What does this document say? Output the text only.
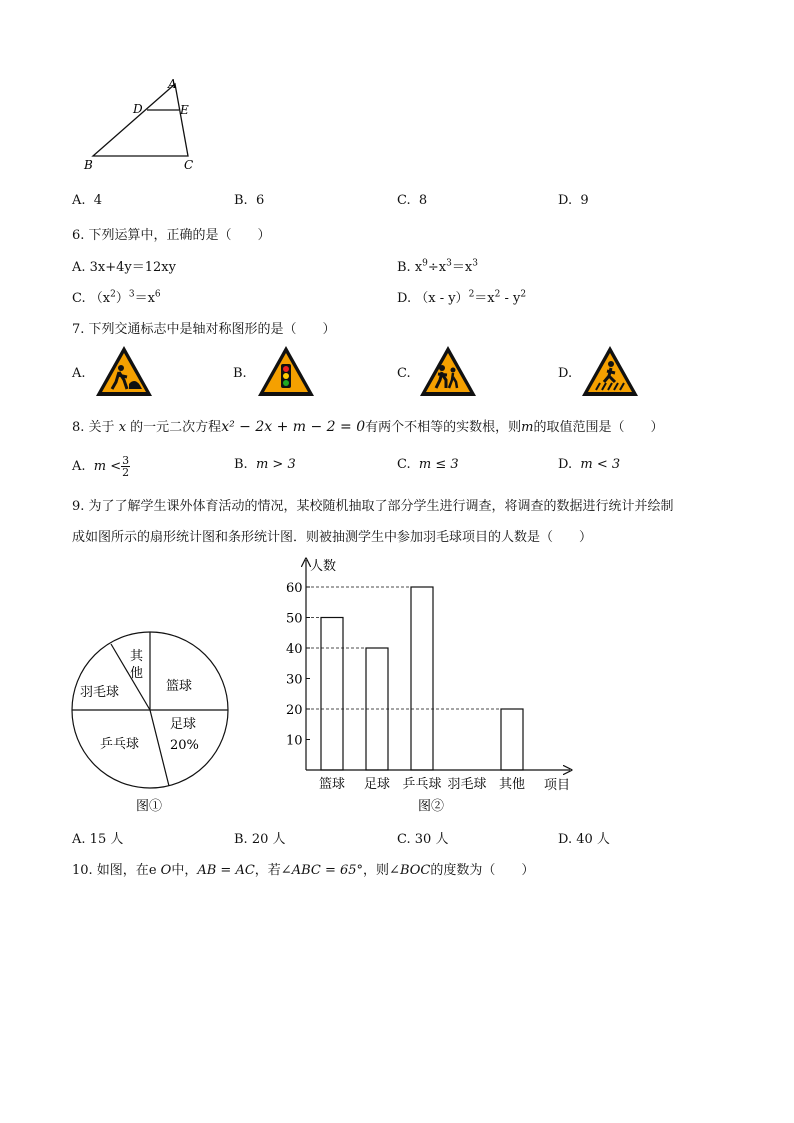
A
B	C
D	E
A. 4	B. 6	C. 8	D. 9
6. 下列运算中，正确的是（　　）
A. 3x+4y＝12xy	B. $x^9\div x^3=x^3$
C. $(x^2)^3=x^6$	D. $(x - y)^2=x^2 - y^2$
7. 下列交通标志中是轴对称图形的是（　　）
A.	B.	C.	D.
8. 关于 x 的一元二次方程x² − 2x + m − 2 = 0有两个不相等的实数根，则m的取值范围是（　　）
A. $m < \frac{3}{2}$	B. m > 3	C. m ≤ 3	D. m < 3
9. 为了了解学生课外体育活动的情况，某校随机抽取了部分学生进行调查，将调查的数据进行统计并绘制
成如图所示的扇形统计图和条形统计图．则被抽测学生中参加羽毛球项目的人数是（　　）
其
他
篮球
羽毛球
足球
20%
乒乓球
图①
10
20
30
40
50
60
篮球 足球 乒乓球 羽毛球 其他
人数
项目
图②
A. 15 人	B. 20 人	C. 30 人	D. 40 人
10. 如图，在e O中，AB = AC，若∠ABC = 65°，则∠BOC的度数为（　　）
